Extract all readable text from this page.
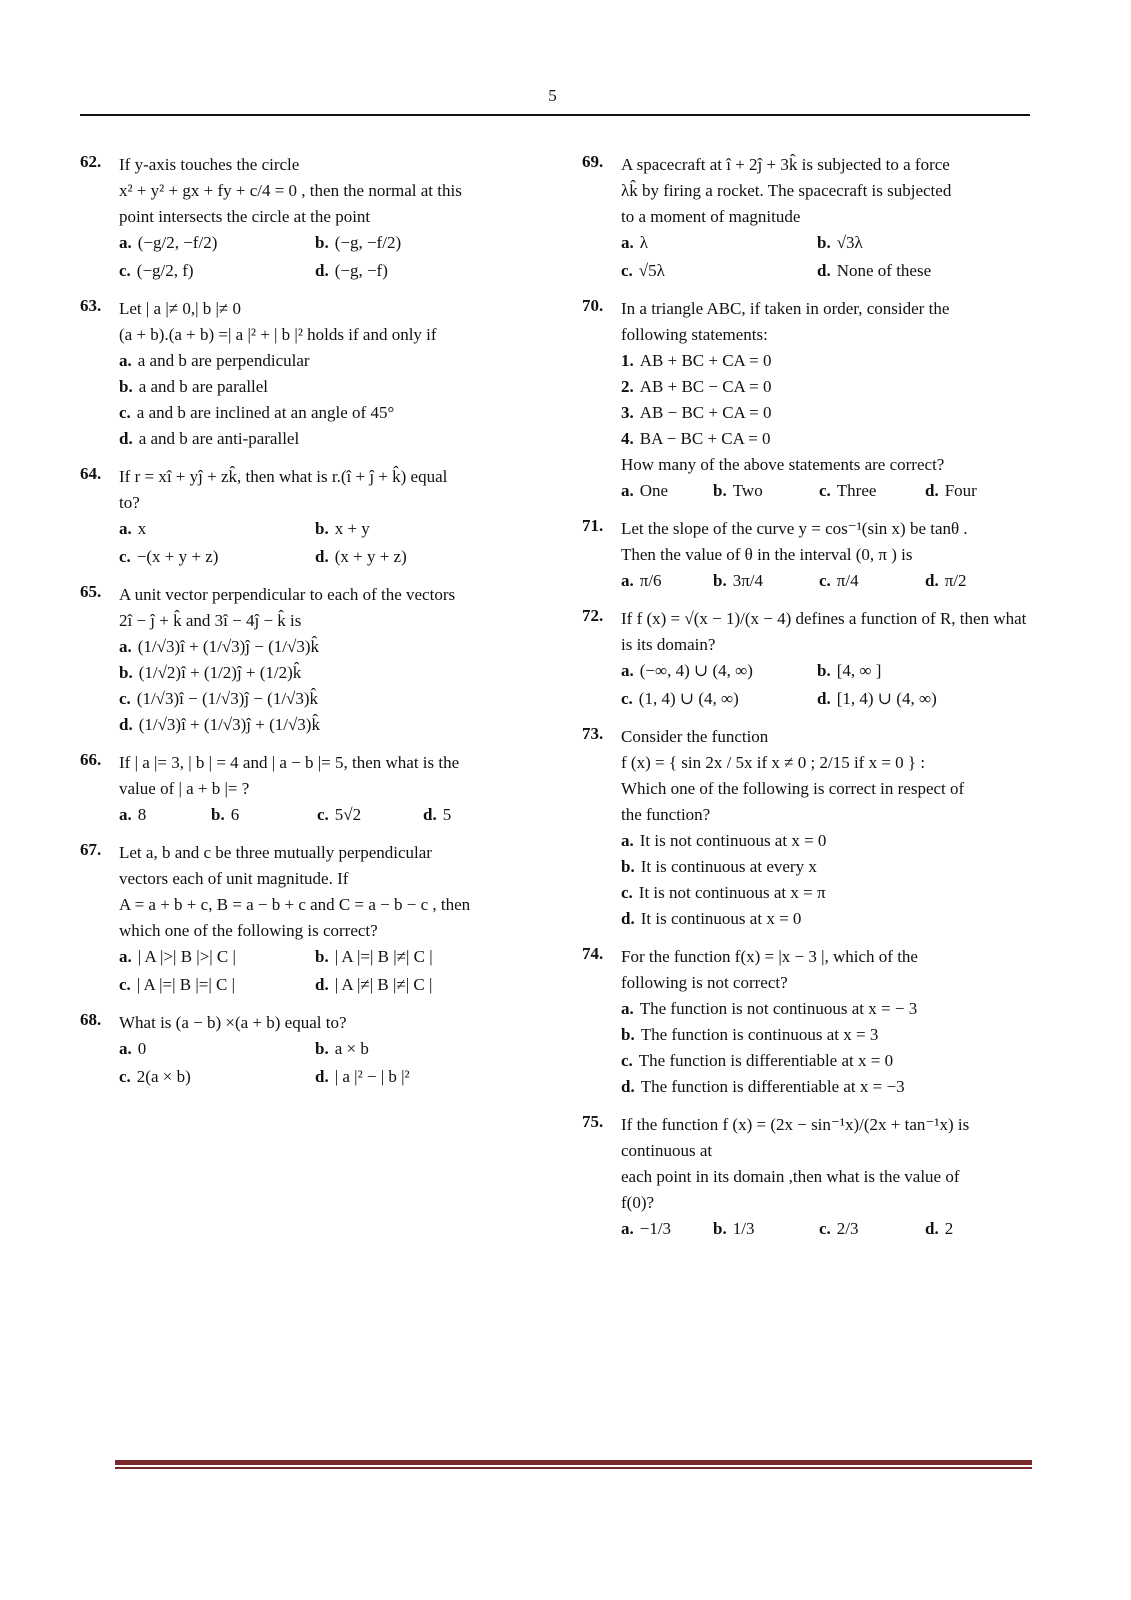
5
62. If y-axis touches the circle
x² + y² + gx + fy + c/4 = 0 , then the normal at this
point intersects the circle at the point
a. (−g/2, −f/2)	b. (−g, −f/2)
c. (−g/2, f)	d. (−g, −f)
63. Let | a |≠ 0,| b |≠ 0
(a + b).(a + b) =| a |² + | b |² holds if and only if
a. a and b are perpendicular
b. a and b are parallel
c. a and b are inclined at an angle of 45°
d. a and b are anti-parallel
64. If r = xî + yĵ + zk̂, then what is r.(î + ĵ + k̂) equal
to?
a. x	b. x + y
c. −(x + y + z)	d. (x + y + z)
65. A unit vector perpendicular to each of the vectors
2î − ĵ + k̂ and 3î − 4ĵ − k̂ is
a. (1/√3)î + (1/√3)ĵ − (1/√3)k̂
b. (1/√2)î + (1/2)ĵ + (1/2)k̂
c. (1/√3)î − (1/√3)ĵ − (1/√3)k̂
d. (1/√3)î + (1/√3)ĵ + (1/√3)k̂
66. If | a |= 3, | b | = 4 and | a − b |= 5, then what is the
value of | a + b |= ?
a. 8	b. 6	c. 5√2	d. 5
67. Let a, b and c be three mutually perpendicular
vectors each of unit magnitude. If
A = a + b + c, B = a − b + c and C = a − b − c , then
which one of the following is correct?
a. | A |>| B |>| C |	b. | A |=| B |≠| C |
c. | A |=| B |=| C |	d. | A |≠| B |≠| C |
68. What is (a − b) ×(a + b) equal to?
a. 0	b. a × b
c. 2(a × b)	d. | a |² − | b |²
69. A spacecraft at î + 2ĵ + 3k̂ is subjected to a force
λk̂ by firing a rocket. The spacecraft is subjected
to a moment of magnitude
a. λ	b. √3λ
c. √5λ	d. None of these
70. In a triangle ABC, if taken in order, consider the
following statements:
1. AB + BC + CA = 0
2. AB + BC − CA = 0
3. AB − BC + CA = 0
4. BA − BC + CA = 0
How many of the above statements are correct?
a. One	b. Two	c. Three	d. Four
71. Let the slope of the curve y = cos⁻¹(sin x) be tanθ .
Then the value of θ in the interval (0, π ) is
a. π/6	b. 3π/4	c. π/4	d. π/2
72. If f (x) = √(x − 1)/(x − 4) defines a function of R, then what
is its domain?
a. (−∞, 4) ∪ (4, ∞)	b. [4, ∞ ]
c. (1, 4) ∪ (4, ∞)	d. [1, 4) ∪ (4, ∞)
73. Consider the function
f (x) = { sin 2x / 5x if x ≠ 0 ; 2/15 if x = 0 } :
Which one of the following is correct in respect of
the function?
a. It is not continuous at x = 0
b. It is continuous at every x
c. It is not continuous at x = π
d. It is continuous at x = 0
74. For the function f(x) = |x − 3 |, which of the
following is not correct?
a. The function is not continuous at x = − 3
b. The function is continuous at x = 3
c. The function is differentiable at x = 0
d. The function is differentiable at x = −3
75. If the function f (x) = (2x − sin⁻¹x)/(2x + tan⁻¹x) is continuous at
each point in its domain ,then what is the value of
f(0)?
a. −1/3	b. 1/3	c. 2/3	d. 2
